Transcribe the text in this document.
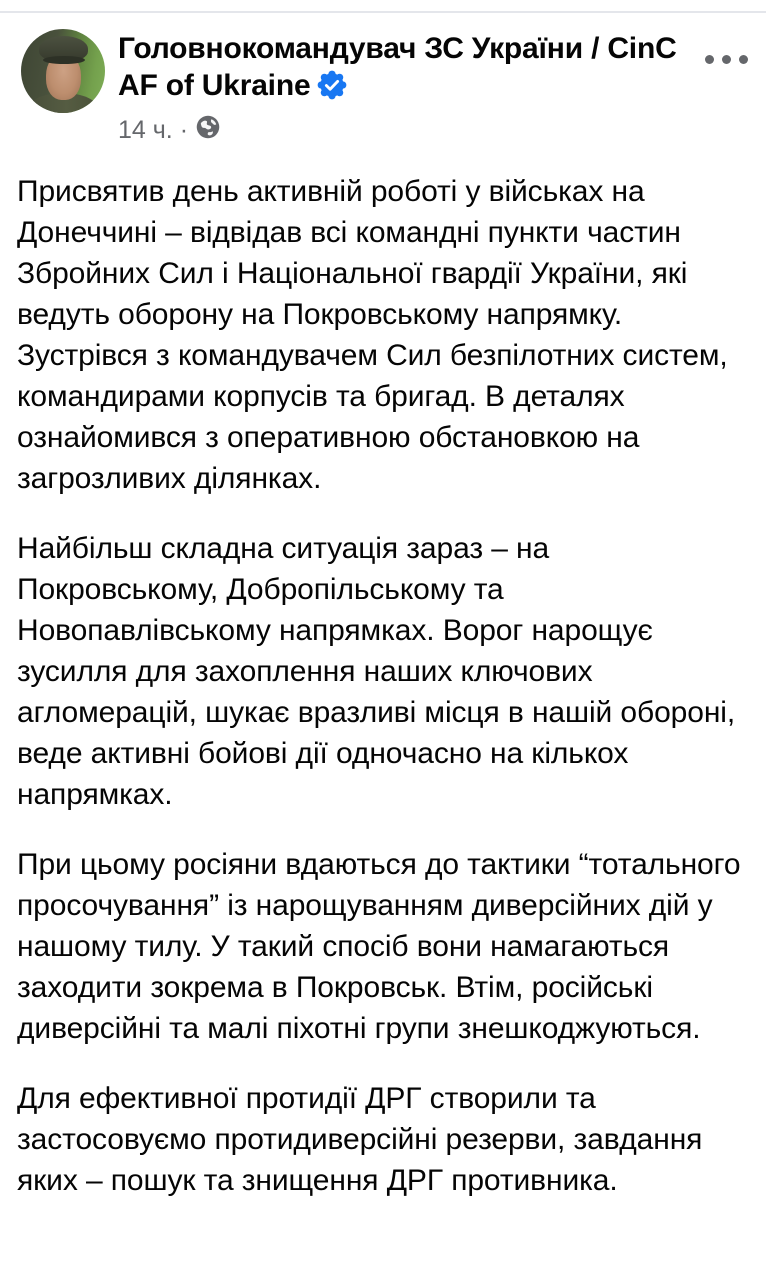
Головнокомандувач ЗС України / CinC AF of Ukraine
14 ч. ·

Присвятив день активній роботі у військах на Донеччині – відвідав всі командні пункти частин Збройних Сил і Національної гвардії України, які ведуть оборону на Покровському напрямку. Зустрівся з командувачем Сил безпілотних систем, командирами корпусів та бригад. В деталях ознайомився з оперативною обстановкою на загрозливих ділянках.

Найбільш складна ситуація зараз – на Покровському, Добропільському та Новопавлівському напрямках. Ворог нарощує зусилля для захоплення наших ключових агломерацій, шукає вразливі місця в нашій обороні, веде активні бойові дії одночасно на кількох напрямках.

При цьому росіяни вдаються до тактики “тотального просочування” із нарощуванням диверсійних дій у нашому тилу. У такий спосіб вони намагаються заходити зокрема в Покровськ. Втім, російські диверсійні та малі піхотні групи знешкоджуються.

Для ефективної протидії ДРГ створили та застосовуємо протидиверсійні резерви, завдання яких – пошук та знищення ДРГ противника.
